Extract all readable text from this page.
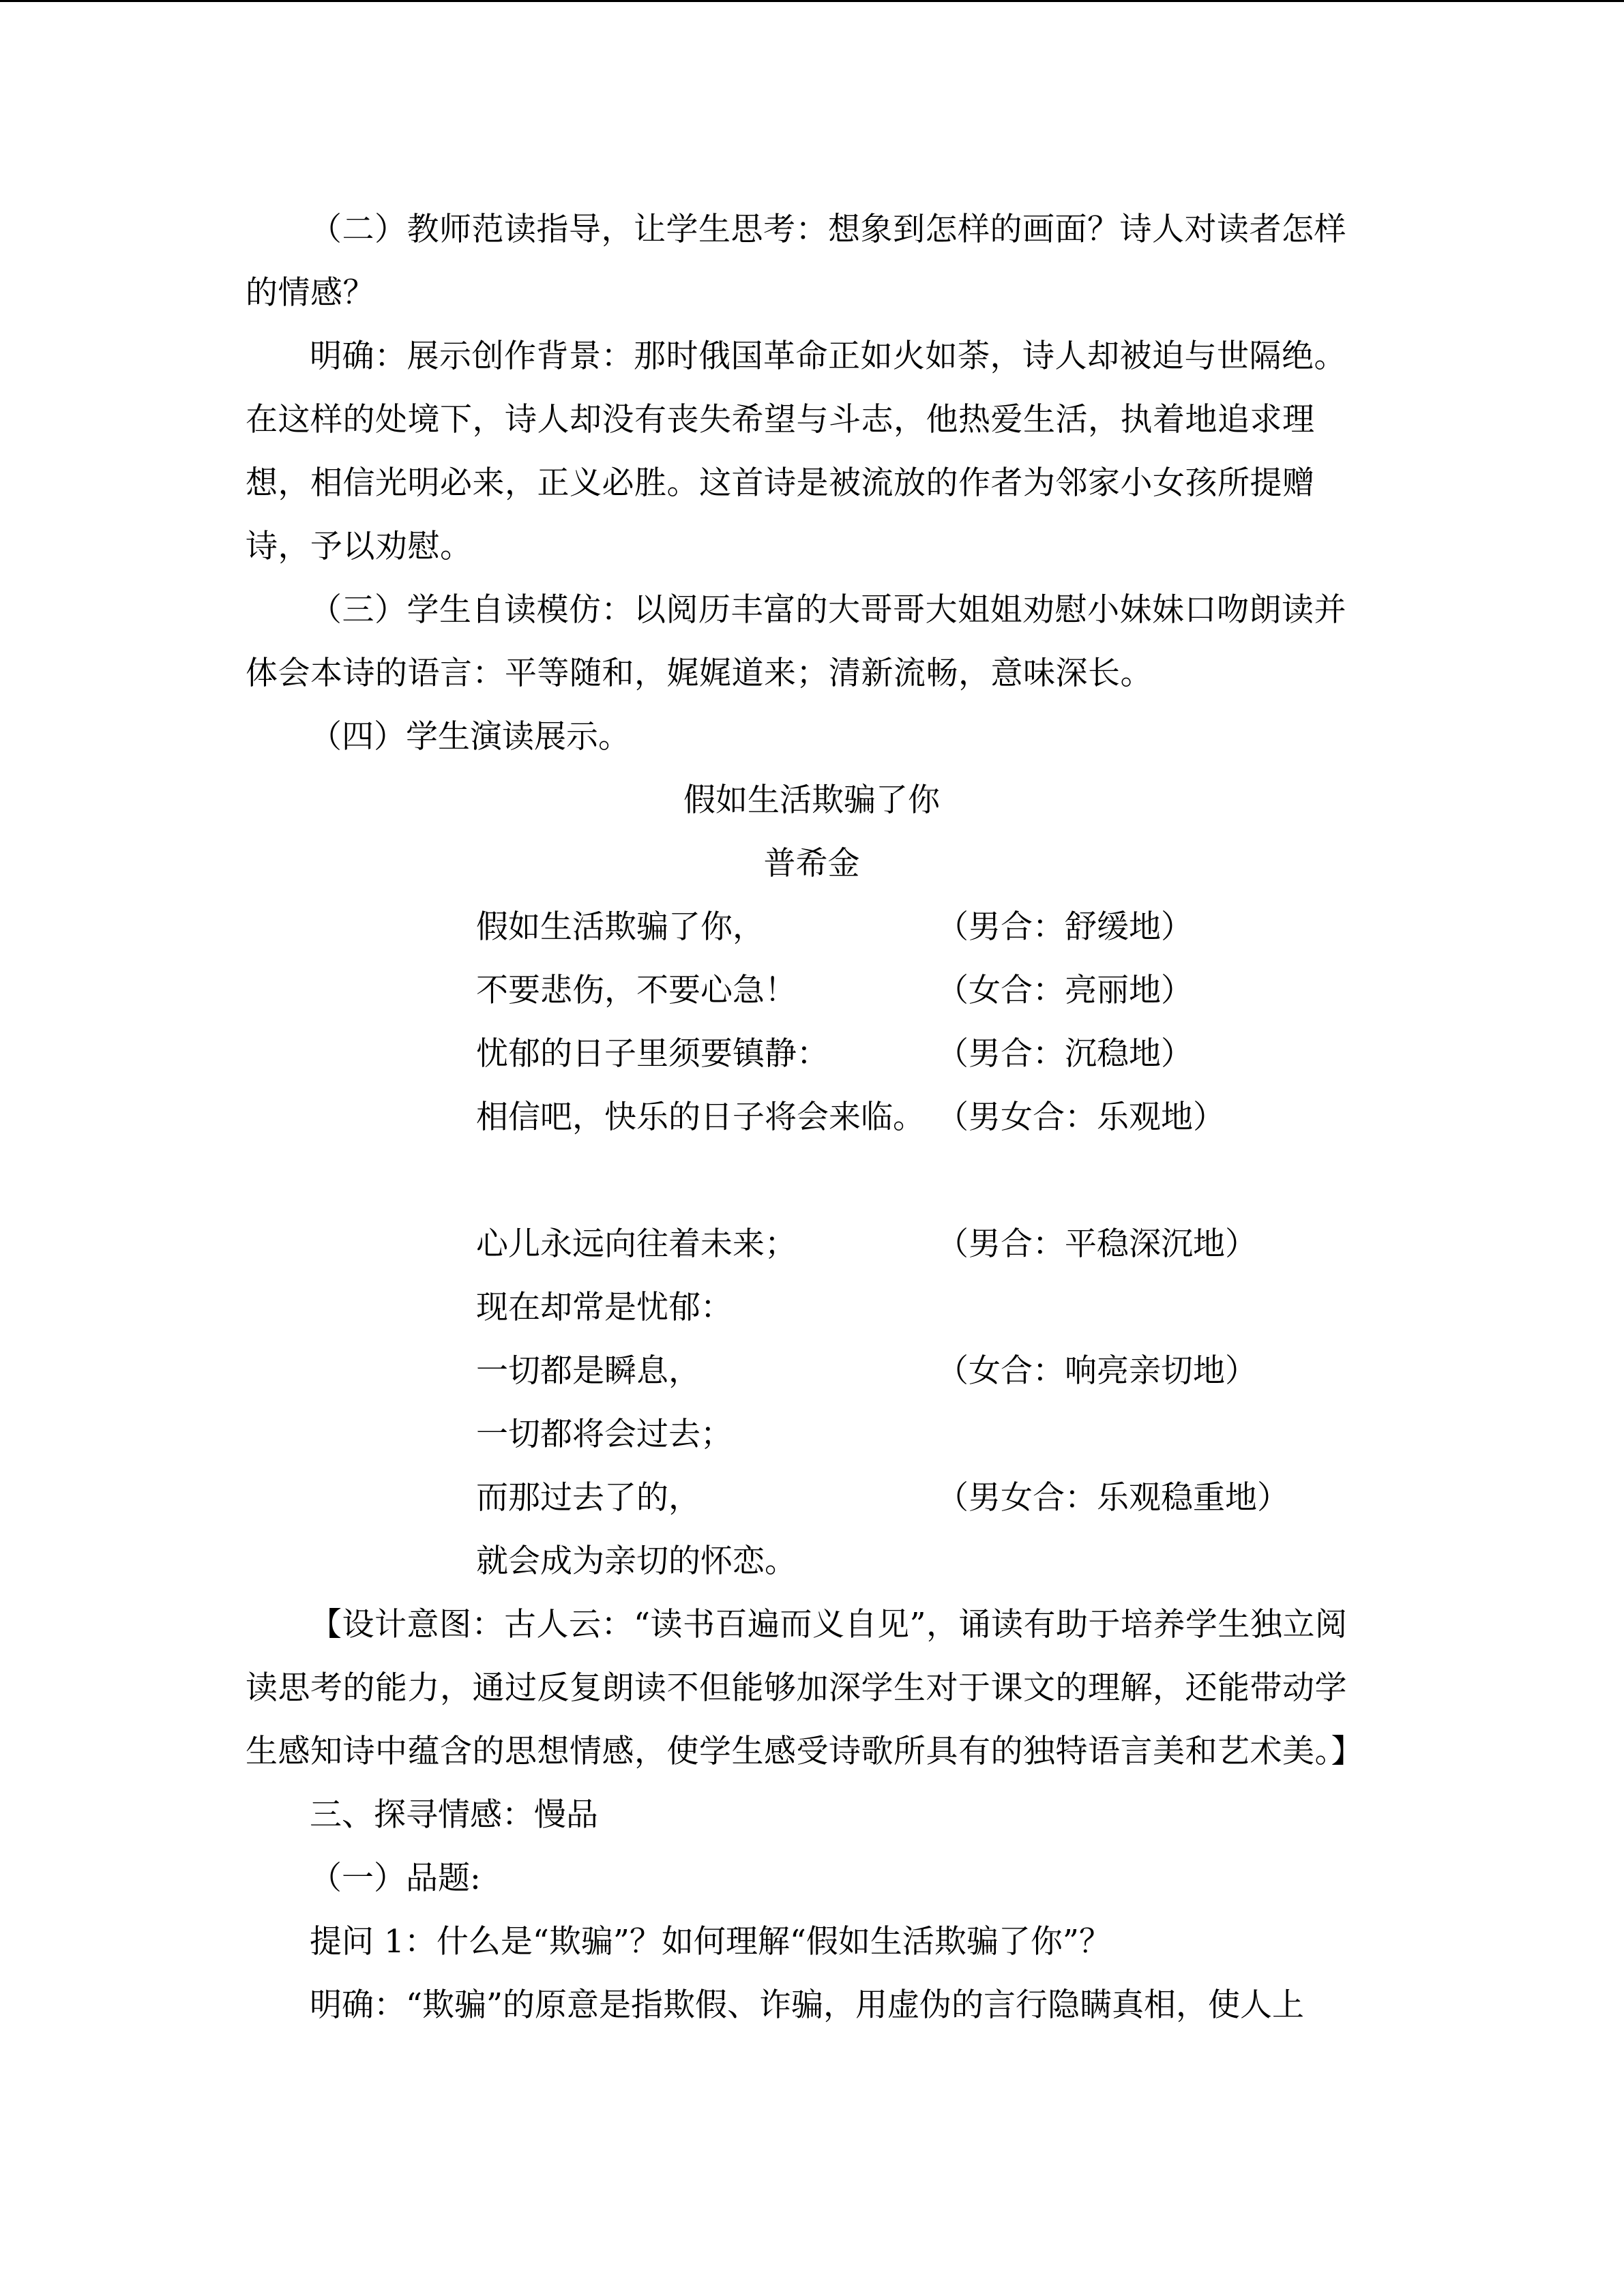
（二）教师范读指导，让学生思考：想象到怎样的画面？诗人对读者怎样的情感？

明确：展示创作背景：那时俄国革命正如火如荼，诗人却被迫与世隔绝。在这样的处境下，诗人却没有丧失希望与斗志，他热爱生活，执着地追求理想，相信光明必来，正义必胜。这首诗是被流放的作者为邻家小女孩所提赠诗，予以劝慰。

（三）学生自读模仿：以阅历丰富的大哥哥大姐姐劝慰小妹妹口吻朗读并体会本诗的语言：平等随和，娓娓道来；清新流畅，意味深长。

（四）学生演读展示。

假如生活欺骗了你

普希金

假如生活欺骗了你，	（男合：舒缓地）
不要悲伤，不要心急！	（女合：亮丽地）
忧郁的日子里须要镇静：	（男合：沉稳地）
相信吧，快乐的日子将会来临。 （男女合：乐观地）
心儿永远向往着未来；	（男合：平稳深沉地）
现在却常是忧郁：
一切都是瞬息，	（女合：响亮亲切地）
一切都将会过去；
而那过去了的，	（男女合：乐观稳重地）
就会成为亲切的怀恋。

【设计意图：古人云：“读书百遍而义自见”，诵读有助于培养学生独立阅读思考的能力，通过反复朗读不但能够加深学生对于课文的理解，还能带动学生感知诗中蕴含的思想情感，使学生感受诗歌所具有的独特语言美和艺术美。】

三、探寻情感：慢品

（一）品题:

提问 1：什么是“欺骗”？如何理解“假如生活欺骗了你”？

明确：“欺骗”的原意是指欺假、诈骗，用虚伪的言行隐瞒真相，使人上
